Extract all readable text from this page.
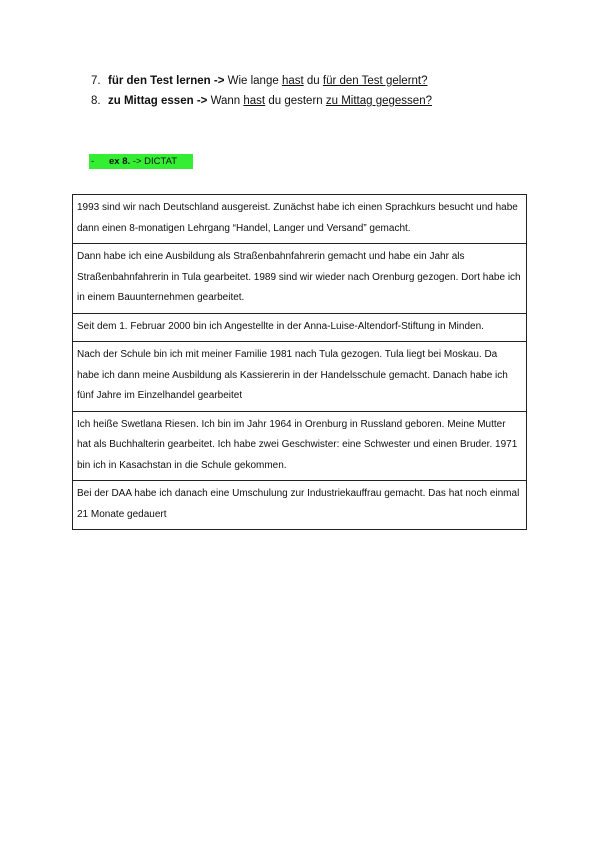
7. für den Test lernen -> Wie lange hast du für den Test gelernt?
8. zu Mittag essen -> Wann hast du gestern zu Mittag gegessen?
- ex 8. -> DICTAT
1993 sind wir nach Deutschland ausgereist. Zunächst habe ich einen Sprachkurs besucht und habe dann einen 8-monatigen Lehrgang “Handel, Langer und Versand” gemacht.
Dann habe ich eine Ausbildung als Straßenbahnfahrerin gemacht und habe ein Jahr als Straßenbahnfahrerin in Tula gearbeitet. 1989 sind wir wieder nach Orenburg gezogen. Dort habe ich in einem Bauunternehmen gearbeitet.
Seit dem 1. Februar 2000 bin ich Angestellte in der Anna-Luise-Altendorf-Stiftung in Minden.
Nach der Schule bin ich mit meiner Familie 1981 nach Tula gezogen. Tula liegt bei Moskau. Da habe ich dann meine Ausbildung als Kassiererin in der Handelsschule gemacht. Danach habe ich fünf Jahre im Einzelhandel gearbeitet
Ich heiße Swetlana Riesen. Ich bin im Jahr 1964 in Orenburg in Russland geboren. Meine Mutter hat als Buchhalterin gearbeitet. Ich habe zwei Geschwister: eine Schwester und einen Bruder. 1971 bin ich in Kasachstan in die Schule gekommen.
Bei der DAA habe ich danach eine Umschulung zur Industriekauffrau gemacht. Das hat noch einmal 21 Monate gedauert
